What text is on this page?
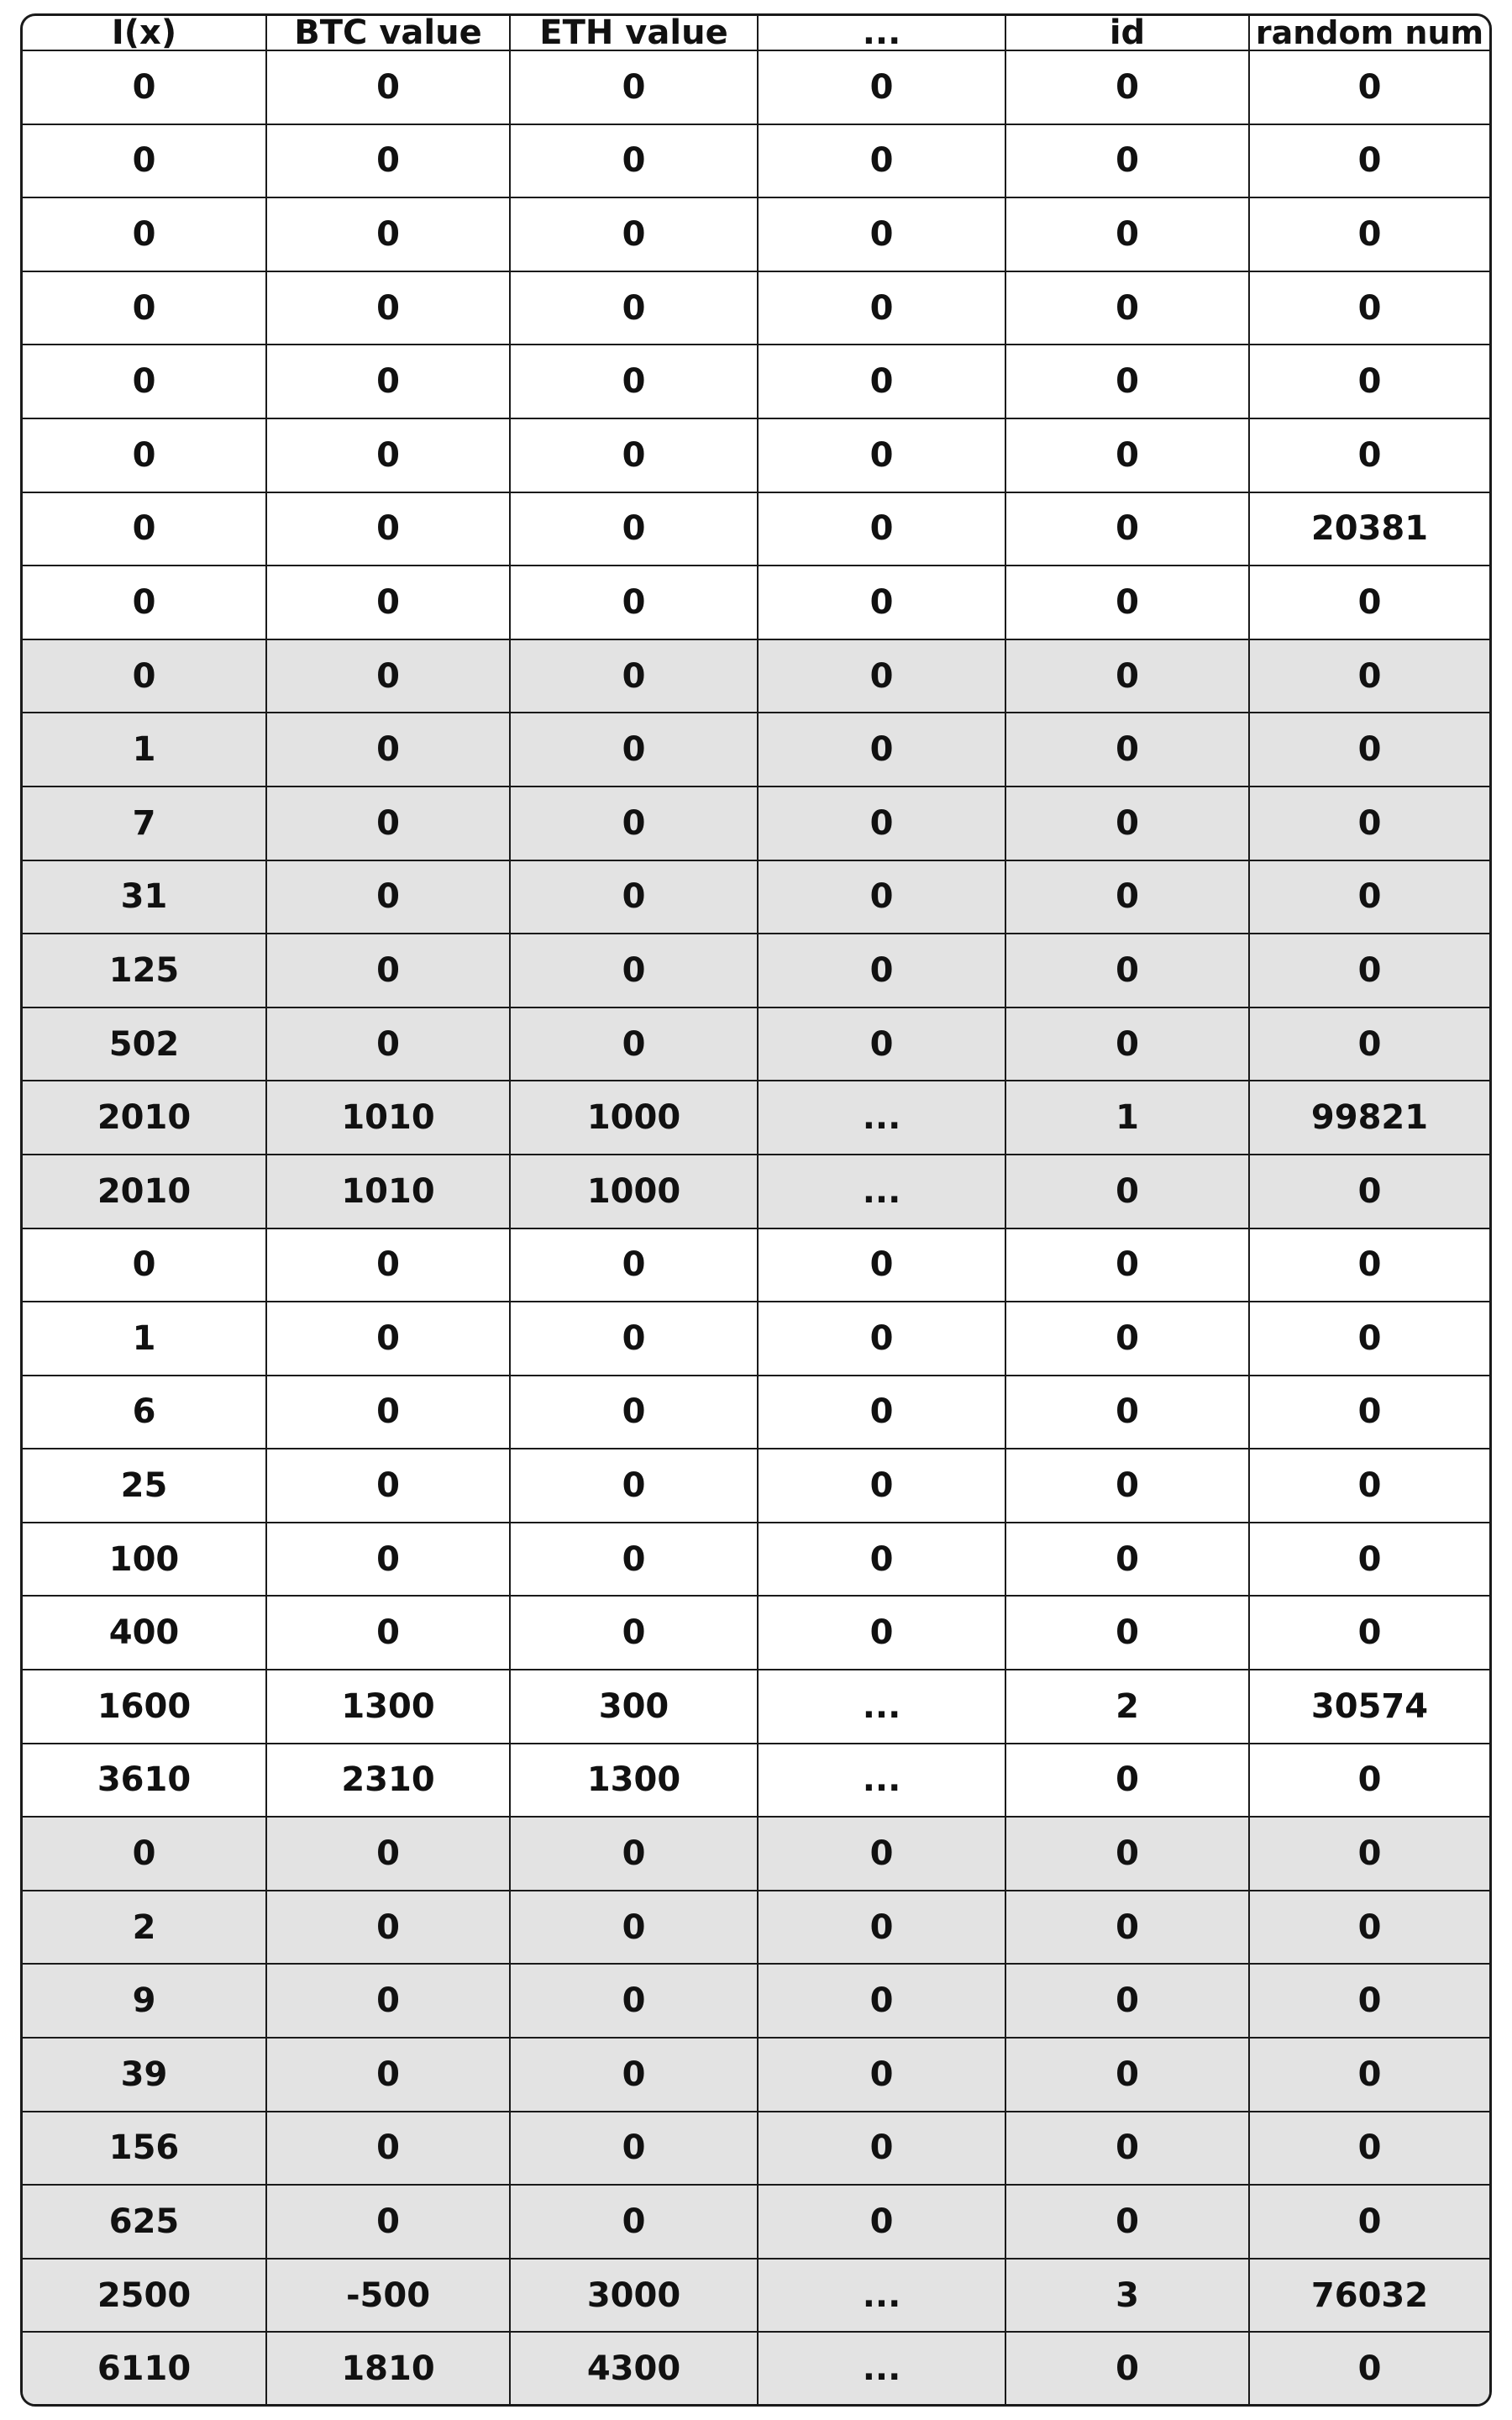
I(x)	BTC value	ETH value	...	id	random num
0	0	0	0	0	0
0	0	0	0	0	0
0	0	0	0	0	0
0	0	0	0	0	0
0	0	0	0	0	0
0	0	0	0	0	0
0	0	0	0	0	20381
0	0	0	0	0	0
0	0	0	0	0	0
1	0	0	0	0	0
7	0	0	0	0	0
31	0	0	0	0	0
125	0	0	0	0	0
502	0	0	0	0	0
2010	1010	1000	...	1	99821
2010	1010	1000	...	0	0
0	0	0	0	0	0
1	0	0	0	0	0
6	0	0	0	0	0
25	0	0	0	0	0
100	0	0	0	0	0
400	0	0	0	0	0
1600	1300	300	...	2	30574
3610	2310	1300	...	0	0
0	0	0	0	0	0
2	0	0	0	0	0
9	0	0	0	0	0
39	0	0	0	0	0
156	0	0	0	0	0
625	0	0	0	0	0
2500	-500	3000	...	3	76032
6110	1810	4300	...	0	0
